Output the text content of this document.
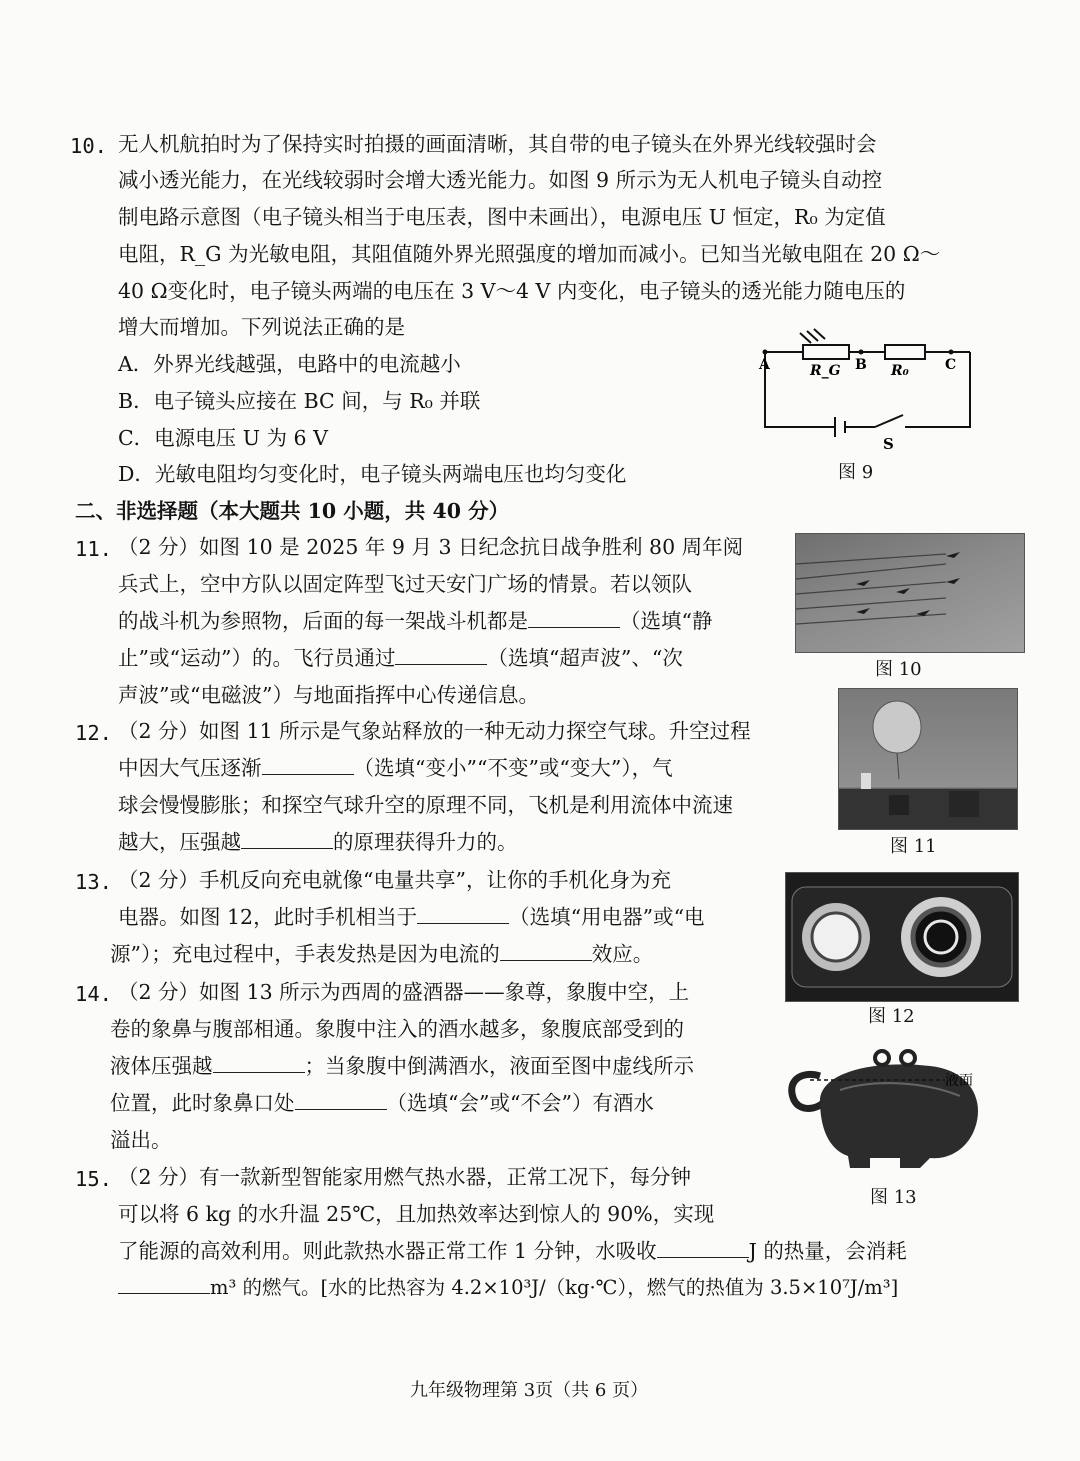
10. 无人机航拍时为了保持实时拍摄的画面清晰，其自带的电子镜头在外界光线较强时会
减小透光能力，在光线较弱时会增大透光能力。如图 9 所示为无人机电子镜头自动控
制电路示意图（电子镜头相当于电压表，图中未画出），电源电压 U 恒定，R₀ 为定值
电阻，R_G 为光敏电阻，其阻值随外界光照强度的增加而减小。已知当光敏电阻在 20 Ω～
40 Ω变化时，电子镜头两端的电压在 3 V～4 V 内变化，电子镜头的透光能力随电压的
增大而增加。下列说法正确的是
A．外界光线越强，电路中的电流越小
B．电子镜头应接在 BC 间，与 R₀ 并联
C．电源电压 U 为 6 V
D．光敏电阻均匀变化时，电子镜头两端电压也均匀变化
A	B	C
R_G	R₀
S
图 9
二、非选择题（本大题共 10 小题，共 40 分）
11. （2 分）如图 10 是 2025 年 9 月 3 日纪念抗日战争胜利 80 周年阅
兵式上，空中方队以固定阵型飞过天安门广场的情景。若以领队
的战斗机为参照物，后面的每一架战斗机都是	（选填“静
止”或“运动”）的。飞行员通过	（选填“超声波”、“次
声波”或“电磁波”）与地面指挥中心传递信息。
图 10
12. （2 分）如图 11 所示是气象站释放的一种无动力探空气球。升空过程
中因大气压逐渐	（选填“变小”“不变”或“变大”），气
球会慢慢膨胀；和探空气球升空的原理不同，飞机是利用流体中流速
越大，压强越	的原理获得升力的。	图 11
13. （2 分）手机反向充电就像“电量共享”，让你的手机化身为充
电器。如图 12，此时手机相当于	（选填“用电器”或“电
源”）；充电过程中，手表发热是因为电流的	效应。
图 12
14. （2 分）如图 13 所示为西周的盛酒器——象尊，象腹中空，上
卷的象鼻与腹部相通。象腹中注入的酒水越多，象腹底部受到的
液体压强越	；当象腹中倒满酒水，液面至图中虚线所示
位置，此时象鼻口处	（选填“会”或“不会”）有酒水
溢出。
液面
图 13
15. （2 分）有一款新型智能家用燃气热水器，正常工况下，每分钟
可以将 6 kg 的水升温 25℃，且加热效率达到惊人的 90%，实现
了能源的高效利用。则此款热水器正常工作 1 分钟，水吸收	J 的热量，会消耗
m³ 的燃气。[水的比热容为 4.2×10³J/（kg·℃），燃气的热值为 3.5×10⁷J/m³]
九年级物理第 3页（共 6 页）
